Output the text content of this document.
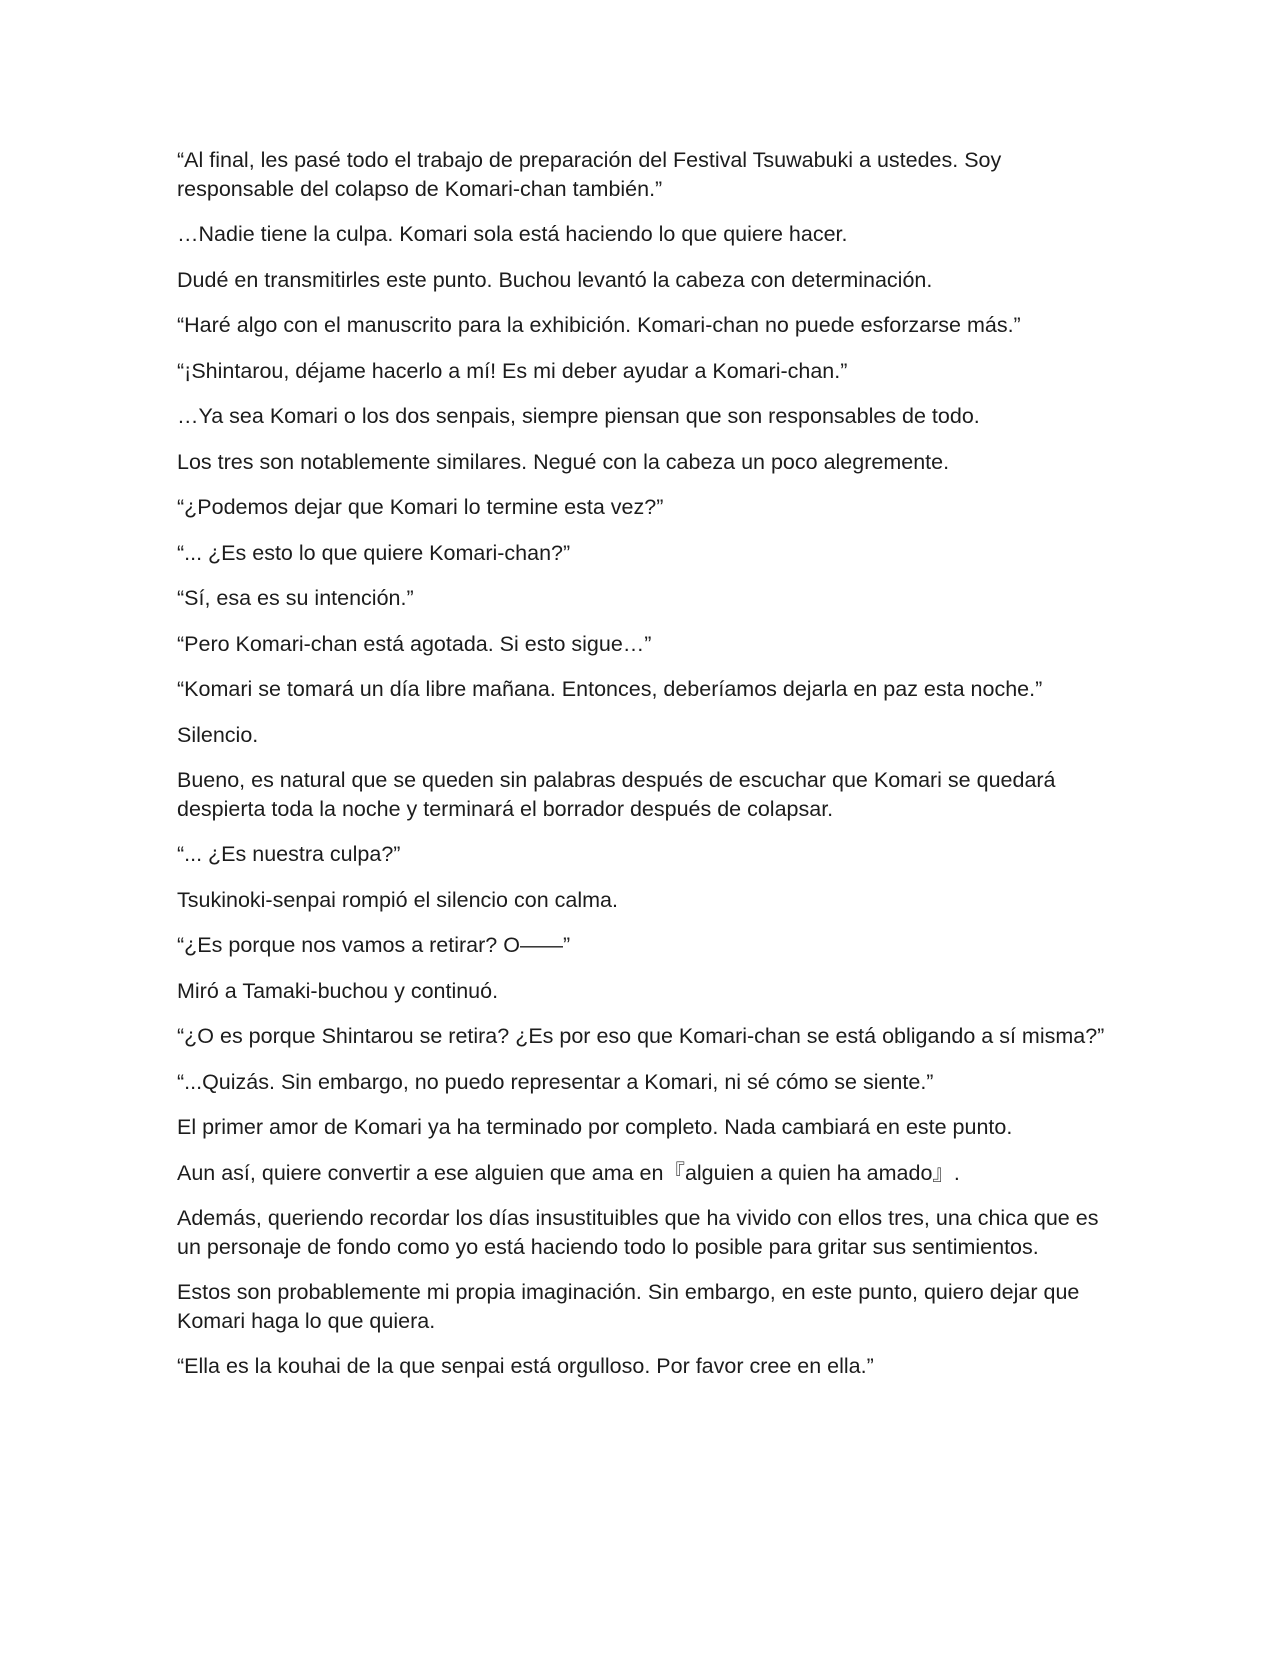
“Al final, les pasé todo el trabajo de preparación del Festival Tsuwabuki a ustedes. Soy responsable del colapso de Komari-chan también.”

…Nadie tiene la culpa. Komari sola está haciendo lo que quiere hacer.

Dudé en transmitirles este punto. Buchou levantó la cabeza con determinación.

“Haré algo con el manuscrito para la exhibición. Komari-chan no puede esforzarse más.”

“¡Shintarou, déjame hacerlo a mí! Es mi deber ayudar a Komari-chan.”

…Ya sea Komari o los dos senpais, siempre piensan que son responsables de todo.

Los tres son notablemente similares. Negué con la cabeza un poco alegremente.

“¿Podemos dejar que Komari lo termine esta vez?”

“... ¿Es esto lo que quiere Komari-chan?”

“Sí, esa es su intención.”

“Pero Komari-chan está agotada. Si esto sigue…”

“Komari se tomará un día libre mañana. Entonces, deberíamos dejarla en paz esta noche.”

Silencio.

Bueno, es natural que se queden sin palabras después de escuchar que Komari se quedará despierta toda la noche y terminará el borrador después de colapsar.

“... ¿Es nuestra culpa?”

Tsukinoki-senpai rompió el silencio con calma.

“¿Es porque nos vamos a retirar? O——”

Miró a Tamaki-buchou y continuó.

“¿O es porque Shintarou se retira? ¿Es por eso que Komari-chan se está obligando a sí misma?”

“...Quizás. Sin embargo, no puedo representar a Komari, ni sé cómo se siente.”

El primer amor de Komari ya ha terminado por completo. Nada cambiará en este punto.

Aun así, quiere convertir a ese alguien que ama en『alguien a quien ha amado』.

Además, queriendo recordar los días insustituibles que ha vivido con ellos tres, una chica que es un personaje de fondo como yo está haciendo todo lo posible para gritar sus sentimientos.

Estos son probablemente mi propia imaginación. Sin embargo, en este punto, quiero dejar que Komari haga lo que quiera.

“Ella es la kouhai de la que senpai está orgulloso. Por favor cree en ella.”
